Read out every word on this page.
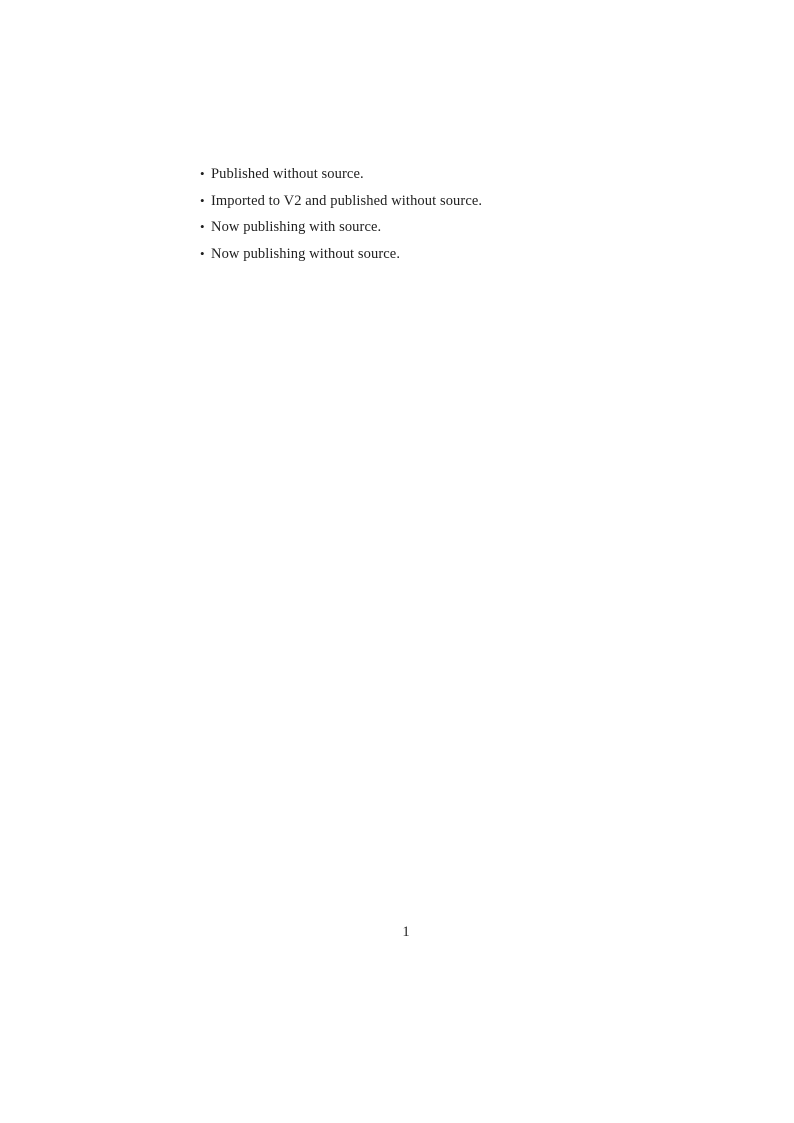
• Published without source.
• Imported to V2 and published without source.
• Now publishing with source.
• Now publishing without source.
1
